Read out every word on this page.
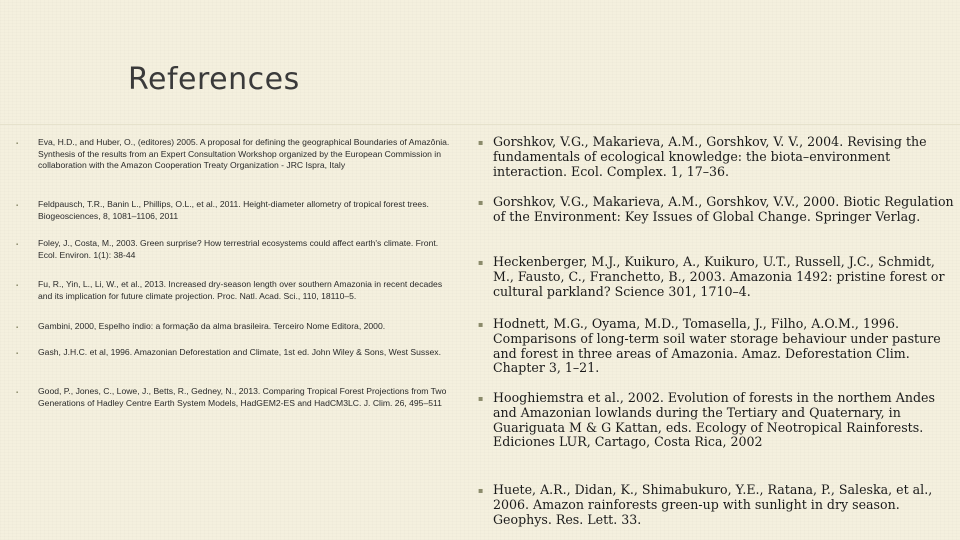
References
▪ Eva, H.D., and Huber, O., (editores) 2005. A proposal for defining the geographical Boundaries of Amazônia. Synthesis of the results from an Expert Consultation Workshop organized by the European Commission in collaboration with the Amazon Cooperation Treaty Organization - JRC Ispra, Italy
▪ Feldpausch, T.R., Banin L., Phillips, O.L., et al., 2011. Height-diameter allometry of tropical forest trees. Biogeosciences, 8, 1081–1106, 2011
▪ Foley, J., Costa, M., 2003. Green surprise? How terrestrial ecosystems could affect earth's climate. Front. Ecol. Environ. 1(1): 38-44
▪ Fu, R., Yin, L., Li, W., et al., 2013. Increased dry-season length over southern Amazonia in recent decades and its implication for future climate projection. Proc. Natl. Acad. Sci., 110, 18110–5.
▪ Gambini, 2000, Espelho índio: a formação da alma brasileira. Terceiro Nome Editora, 2000.
▪ Gash, J.H.C. et al, 1996. Amazonian Deforestation and Climate, 1st ed. John Wiley & Sons, West Sussex.
▪ Good, P., Jones, C., Lowe, J., Betts, R., Gedney, N., 2013. Comparing Tropical Forest Projections from Two Generations of Hadley Centre Earth System Models, HadGEM2-ES and HadCM3LC. J. Clim. 26, 495–511
▪ Gorshkov, V.G., Makarieva, A.M., Gorshkov, V. V., 2004. Revising the fundamentals of ecological knowledge: the biota–environment interaction. Ecol. Complex. 1, 17–36.
▪ Gorshkov, V.G., Makarieva, A.M., Gorshkov, V.V., 2000. Biotic Regulation of the Environment: Key Issues of Global Change. Springer Verlag.
▪ Heckenberger, M.J., Kuikuro, A., Kuikuro, U.T., Russell, J.C., Schmidt, M., Fausto, C., Franchetto, B., 2003. Amazonia 1492: pristine forest or cultural parkland? Science 301, 1710–4.
▪ Hodnett, M.G., Oyama, M.D., Tomasella, J., Filho, A.O.M., 1996. Comparisons of long-term soil water storage behaviour under pasture and forest in three areas of Amazonia. Amaz. Deforestation Clim. Chapter 3, 1–21.
▪ Hooghiemstra et al., 2002. Evolution of forests in the northem Andes and Amazonian lowlands during the Tertiary and Quaternary, in Guariguata M & G Kattan, eds. Ecology of Neotropical Rainforests. Ediciones LUR, Cartago, Costa Rica, 2002
▪ Huete, A.R., Didan, K., Shimabukuro, Y.E., Ratana, P., Saleska, et al., 2006. Amazon rainforests green-up with sunlight in dry season. Geophys. Res. Lett. 33.
